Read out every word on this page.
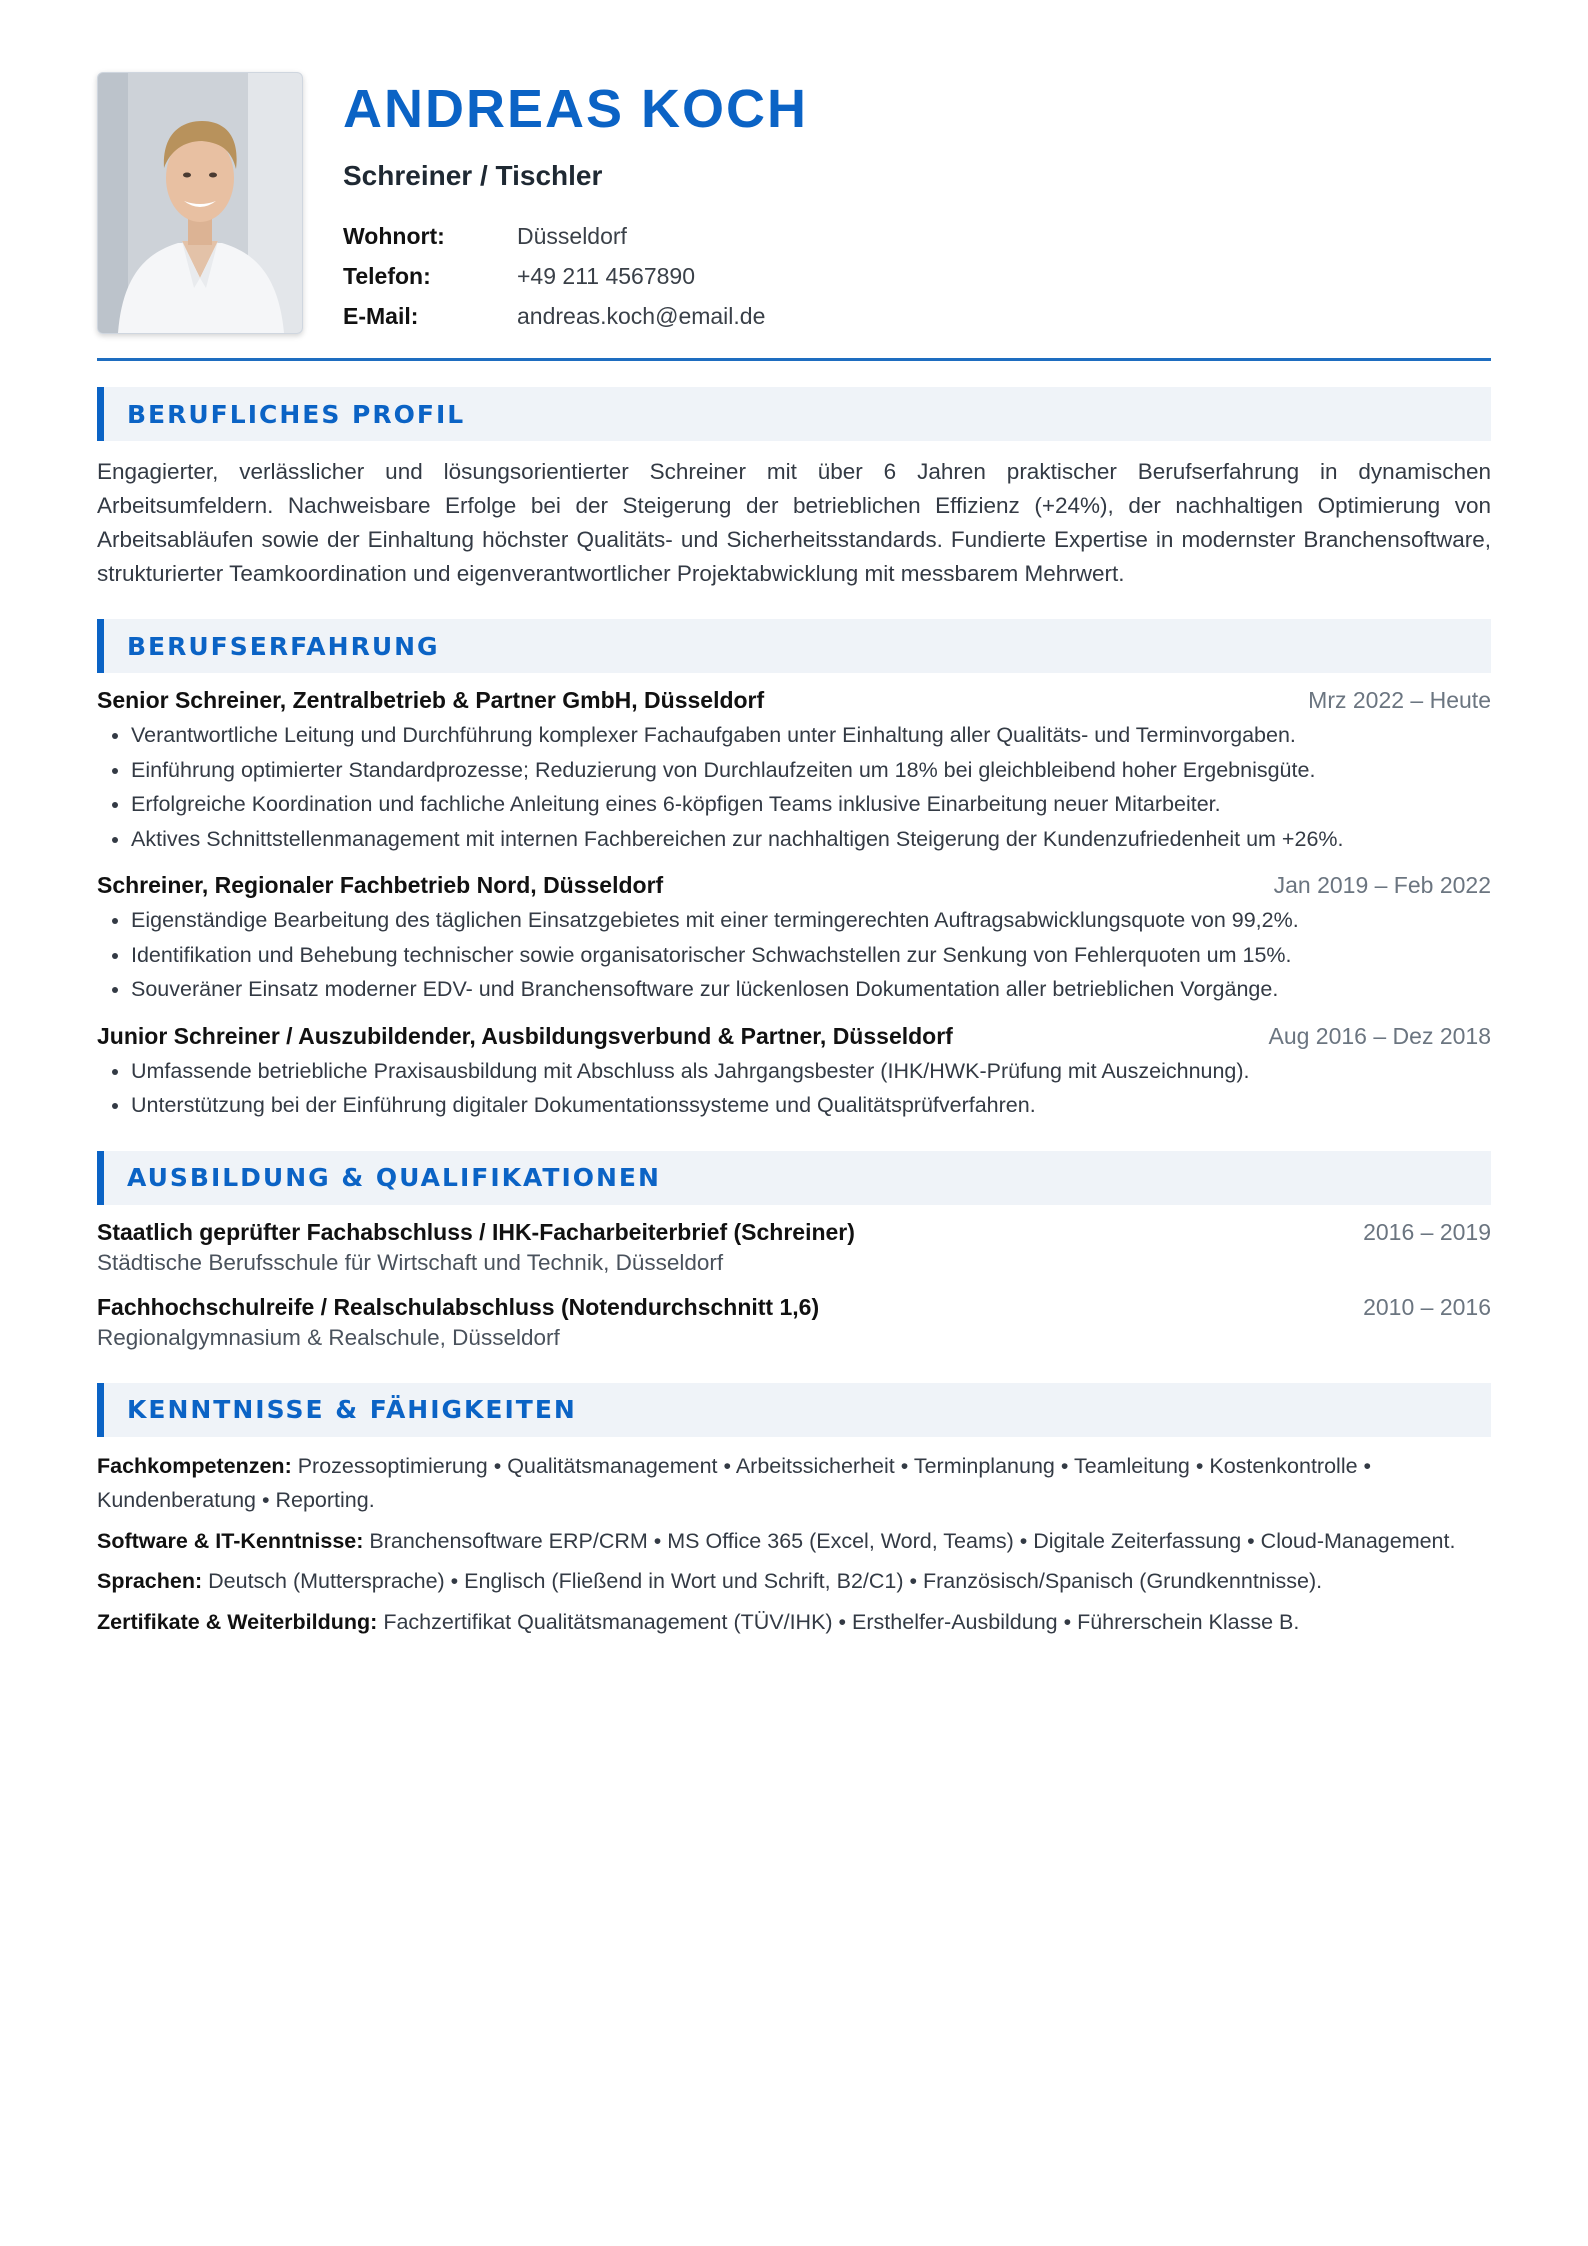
ANDREAS KOCH
Schreiner / Tischler
Wohnort:	Düsseldorf
Telefon:	+49 211 4567890
E-Mail:	andreas.koch@email.de
BERUFLICHES PROFIL
Engagierter, verlässlicher und lösungsorientierter Schreiner mit über 6 Jahren praktischer Berufserfahrung in dynamischen Arbeitsumfeldern. Nachweisbare Erfolge bei der Steigerung der betrieblichen Effizienz (+24%), der nachhaltigen Optimierung von Arbeitsabläufen sowie der Einhaltung höchster Qualitäts- und Sicherheitsstandards. Fundierte Expertise in modernster Branchensoftware, strukturierter Teamkoordination und eigenverantwortlicher Projektabwicklung mit messbarem Mehrwert.
BERUFSERFAHRUNG
Senior Schreiner, Zentralbetrieb & Partner GmbH, Düsseldorf	Mrz 2022 – Heute
• Verantwortliche Leitung und Durchführung komplexer Fachaufgaben unter Einhaltung aller Qualitäts- und Terminvorgaben.
• Einführung optimierter Standardprozesse; Reduzierung von Durchlaufzeiten um 18% bei gleichbleibend hoher Ergebnisgüte.
• Erfolgreiche Koordination und fachliche Anleitung eines 6-köpfigen Teams inklusive Einarbeitung neuer Mitarbeiter.
• Aktives Schnittstellenmanagement mit internen Fachbereichen zur nachhaltigen Steigerung der Kundenzufriedenheit um +26%.
Schreiner, Regionaler Fachbetrieb Nord, Düsseldorf	Jan 2019 – Feb 2022
• Eigenständige Bearbeitung des täglichen Einsatzgebietes mit einer termingerechten Auftragsabwicklungsquote von 99,2%.
• Identifikation und Behebung technischer sowie organisatorischer Schwachstellen zur Senkung von Fehlerquoten um 15%.
• Souveräner Einsatz moderner EDV- und Branchensoftware zur lückenlosen Dokumentation aller betrieblichen Vorgänge.
Junior Schreiner / Auszubildender, Ausbildungsverbund & Partner, Düsseldorf	Aug 2016 – Dez 2018
• Umfassende betriebliche Praxisausbildung mit Abschluss als Jahrgangsbester (IHK/HWK-Prüfung mit Auszeichnung).
• Unterstützung bei der Einführung digitaler Dokumentationssysteme und Qualitätsprüfverfahren.
AUSBILDUNG & QUALIFIKATIONEN
Staatlich geprüfter Fachabschluss / IHK-Facharbeiterbrief (Schreiner)	2016 – 2019
Städtische Berufsschule für Wirtschaft und Technik, Düsseldorf
Fachhochschulreife / Realschulabschluss (Notendurchschnitt 1,6)	2010 – 2016
Regionalgymnasium & Realschule, Düsseldorf
KENNTNISSE & FÄHIGKEITEN
Fachkompetenzen: Prozessoptimierung • Qualitätsmanagement • Arbeitssicherheit • Terminplanung • Teamleitung • Kostenkontrolle • Kundenberatung • Reporting.
Software & IT-Kenntnisse: Branchensoftware ERP/CRM • MS Office 365 (Excel, Word, Teams) • Digitale Zeiterfassung • Cloud-Management.
Sprachen: Deutsch (Muttersprache) • Englisch (Fließend in Wort und Schrift, B2/C1) • Französisch/Spanisch (Grundkenntnisse).
Zertifikate & Weiterbildung: Fachzertifikat Qualitätsmanagement (TÜV/IHK) • Ersthelfer-Ausbildung • Führerschein Klasse B.
